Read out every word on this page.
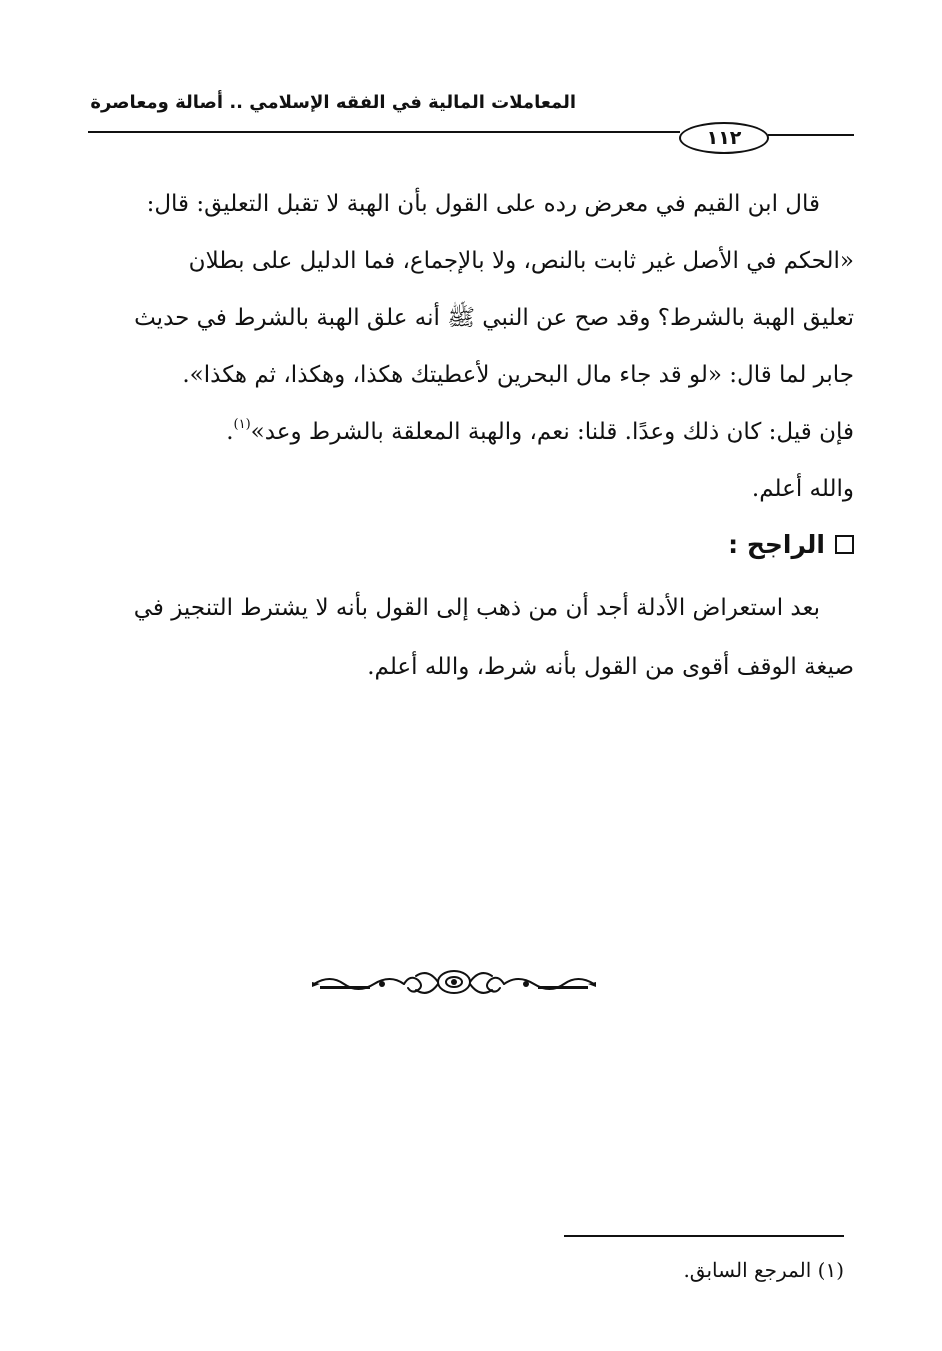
المعاملات المالية في الفقه الإسلامي .. أصالة ومعاصرة
١١٢
قال ابن القيم في معرض رده على القول بأن الهبة لا تقبل التعليق: قال:
«الحكم في الأصل غير ثابت بالنص، ولا بالإجماع، فما الدليل على بطلان
تعليق الهبة بالشرط؟ وقد صح عن النبي ﷺ أنه علق الهبة بالشرط في حديث
جابر لما قال: «لو قد جاء مال البحرين لأعطيتك هكذا، وهكذا، ثم هكذا».
فإن قيل: كان ذلك وعدًا. قلنا: نعم، والهبة المعلقة بالشرط وعد»$^{(١)}$.
والله أعلم.
الراجح :
بعد استعراض الأدلة أجد أن من ذهب إلى القول بأنه لا يشترط التنجيز في
صيغة الوقف أقوى من القول بأنه شرط، والله أعلم.
(١) المرجع السابق.
